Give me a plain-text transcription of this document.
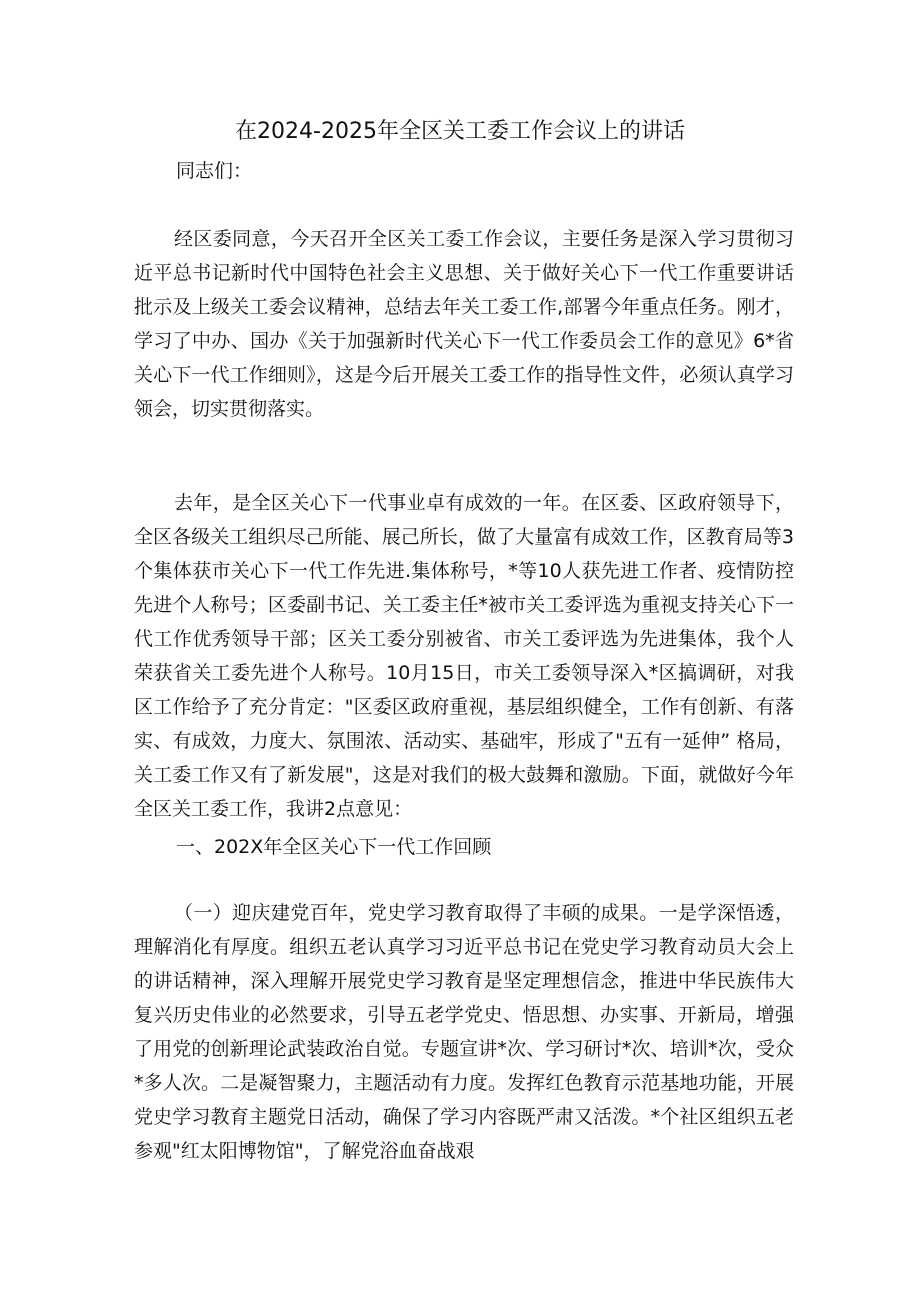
在2024-2025年全区关工委工作会议上的讲话

同志们：

经区委同意，今天召开全区关工委工作会议，主要任务是深入学习贯彻习近平总书记新时代中国特色社会主义思想、关于做好关心下一代工作重要讲话批示及上级关工委会议精神，总结去年关工委工作,部署今年重点任务。刚才，学习了中办、国办《关于加强新时代关心下一代工作委员会工作的意见》6*省关心下一代工作细则》，这是今后开展关工委工作的指导性文件，必须认真学习领会，切实贯彻落实。

去年，是全区关心下一代事业卓有成效的一年。在区委、区政府领导下，全区各级关工组织尽己所能、展己所长，做了大量富有成效工作，区教育局等3个集体获市关心下一代工作先进.集体称号，*等10人获先进工作者、疫情防控先进个人称号；区委副书记、关工委主任*被市关工委评选为重视支持关心下一代工作优秀领导干部；区关工委分别被省、市关工委评选为先进集体，我个人荣获省关工委先进个人称号。10月15日，市关工委领导深入*区搞调研，对我区工作给予了充分肯定："区委区政府重视，基层组织健全，工作有创新、有落实、有成效，力度大、氛围浓、活动实、基础牢，形成了"五有一延伸” 格局，关工委工作又有了新发展"，这是对我们的极大鼓舞和激励。下面，就做好今年全区关工委工作，我讲2点意见：

一、202X年全区关心下一代工作回顾

（一）迎庆建党百年，党史学习教育取得了丰硕的成果。一是学深悟透，理解消化有厚度。组织五老认真学习习近平总书记在党史学习教育动员大会上的讲话精神，深入理解开展党史学习教育是坚定理想信念，推进中华民族伟大复兴历史伟业的必然要求，引导五老学党史、悟思想、办实事、开新局，增强了用党的创新理论武装政治自觉。专题宣讲*次、学习研讨*次、培训*次，受众*多人次。二是凝智聚力，主题活动有力度。发挥红色教育示范基地功能，开展党史学习教育主题党日活动，确保了学习内容既严肃又活泼。*个社区组织五老参观"红太阳博物馆"，了解党浴血奋战艰
